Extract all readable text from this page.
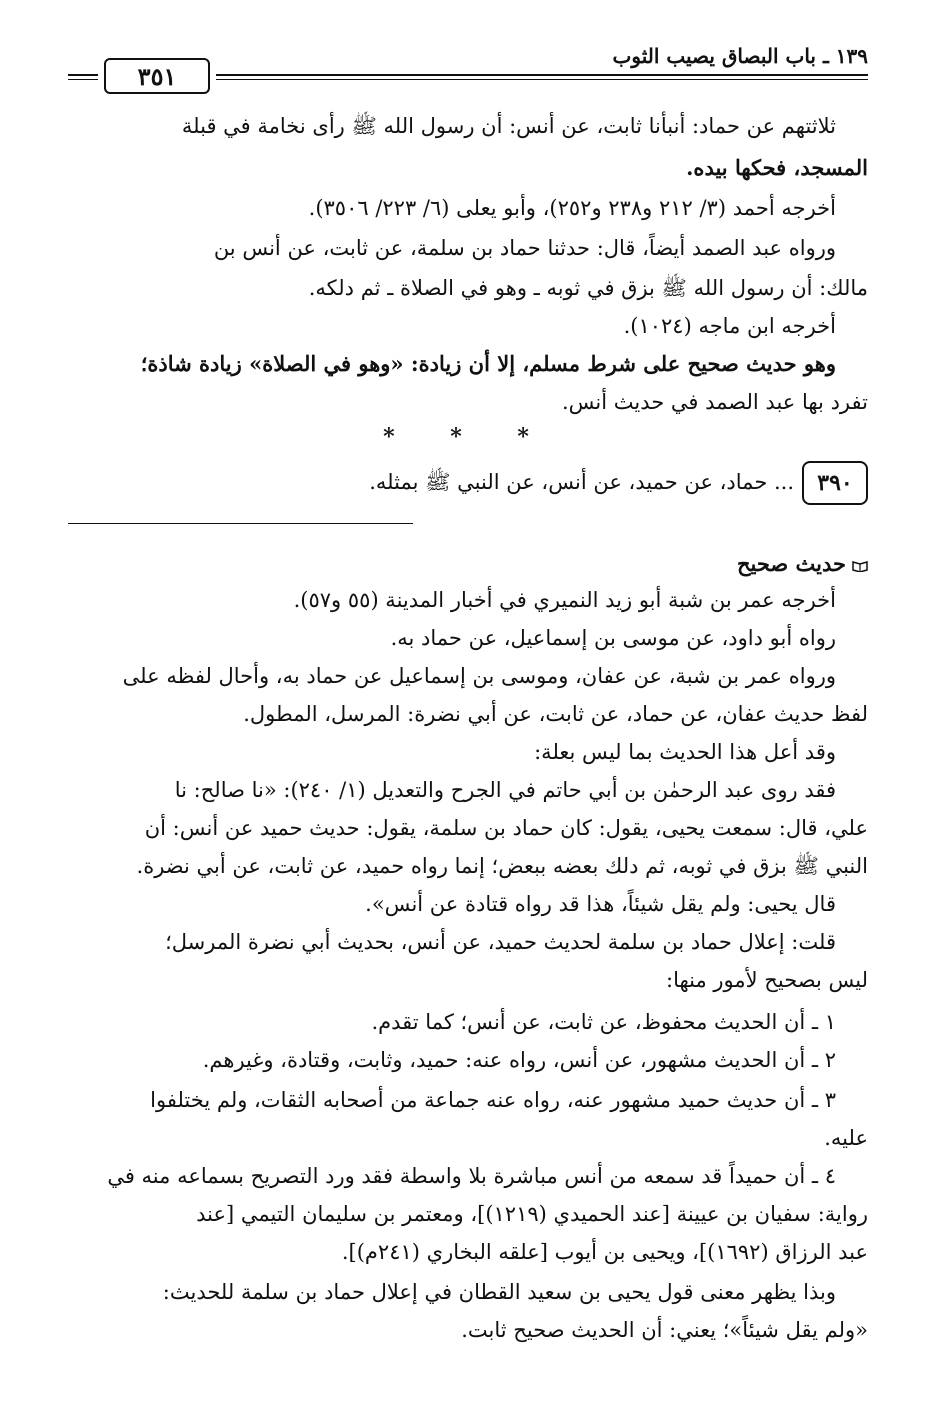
١٣٩ ـ باب البصاق يصيب الثوب
٣٥١
ثلاثتهم عن حماد: أنبأنا ثابت، عن أنس: أن رسول الله ﷺ رأى نخامة في قبلة
المسجد، فحكها بيده.
أخرجه أحمد (٣/ ٢١٢ و٢٣٨ و٢٥٢)، وأبو يعلى (٦/ ٢٢٣/ ٣٥٠٦).
ورواه عبد الصمد أيضاً، قال: حدثنا حماد بن سلمة، عن ثابت، عن أنس بن
مالك: أن رسول الله ﷺ بزق في ثوبه ـ وهو في الصلاة ـ ثم دلكه.
أخرجه ابن ماجه (١٠٢٤).
وهو حديث صحيح على شرط مسلم، إلا أن زيادة: «وهو في الصلاة» زيادة شاذة؛
تفرد بها عبد الصمد في حديث أنس.
* * *
٣٩٠
... حماد، عن حميد، عن أنس، عن النبي ﷺ بمثله.
حديث صحيح
أخرجه عمر بن شبة أبو زيد النميري في أخبار المدينة (٥٥ و٥٧).
رواه أبو داود، عن موسى بن إسماعيل، عن حماد به.
ورواه عمر بن شبة، عن عفان، وموسى بن إسماعيل عن حماد به، وأحال لفظه على
لفظ حديث عفان، عن حماد، عن ثابت، عن أبي نضرة: المرسل، المطول.
وقد أعل هذا الحديث بما ليس بعلة:
فقد روى عبد الرحمٰن بن أبي حاتم في الجرح والتعديل (١/ ٢٤٠): «نا صالح: نا
علي، قال: سمعت يحيى، يقول: كان حماد بن سلمة، يقول: حديث حميد عن أنس: أن
النبي ﷺ بزق في ثوبه، ثم دلك بعضه ببعض؛ إنما رواه حميد، عن ثابت، عن أبي نضرة.
قال يحيى: ولم يقل شيئاً، هذا قد رواه قتادة عن أنس».
قلت: إعلال حماد بن سلمة لحديث حميد، عن أنس، بحديث أبي نضرة المرسل؛
ليس بصحيح لأمور منها:
١ ـ أن الحديث محفوظ، عن ثابت، عن أنس؛ كما تقدم.
٢ ـ أن الحديث مشهور، عن أنس، رواه عنه: حميد، وثابت، وقتادة، وغيرهم.
٣ ـ أن حديث حميد مشهور عنه، رواه عنه جماعة من أصحابه الثقات، ولم يختلفوا
عليه.
٤ ـ أن حميداً قد سمعه من أنس مباشرة بلا واسطة فقد ورد التصريح بسماعه منه في
رواية: سفيان بن عيينة [عند الحميدي (١٢١٩)]، ومعتمر بن سليمان التيمي [عند
عبد الرزاق (١٦٩٢)]، ويحيى بن أيوب [علقه البخاري (٢٤١م)].
وبذا يظهر معنى قول يحيى بن سعيد القطان في إعلال حماد بن سلمة للحديث:
«ولم يقل شيئاً»؛ يعني: أن الحديث صحيح ثابت.
